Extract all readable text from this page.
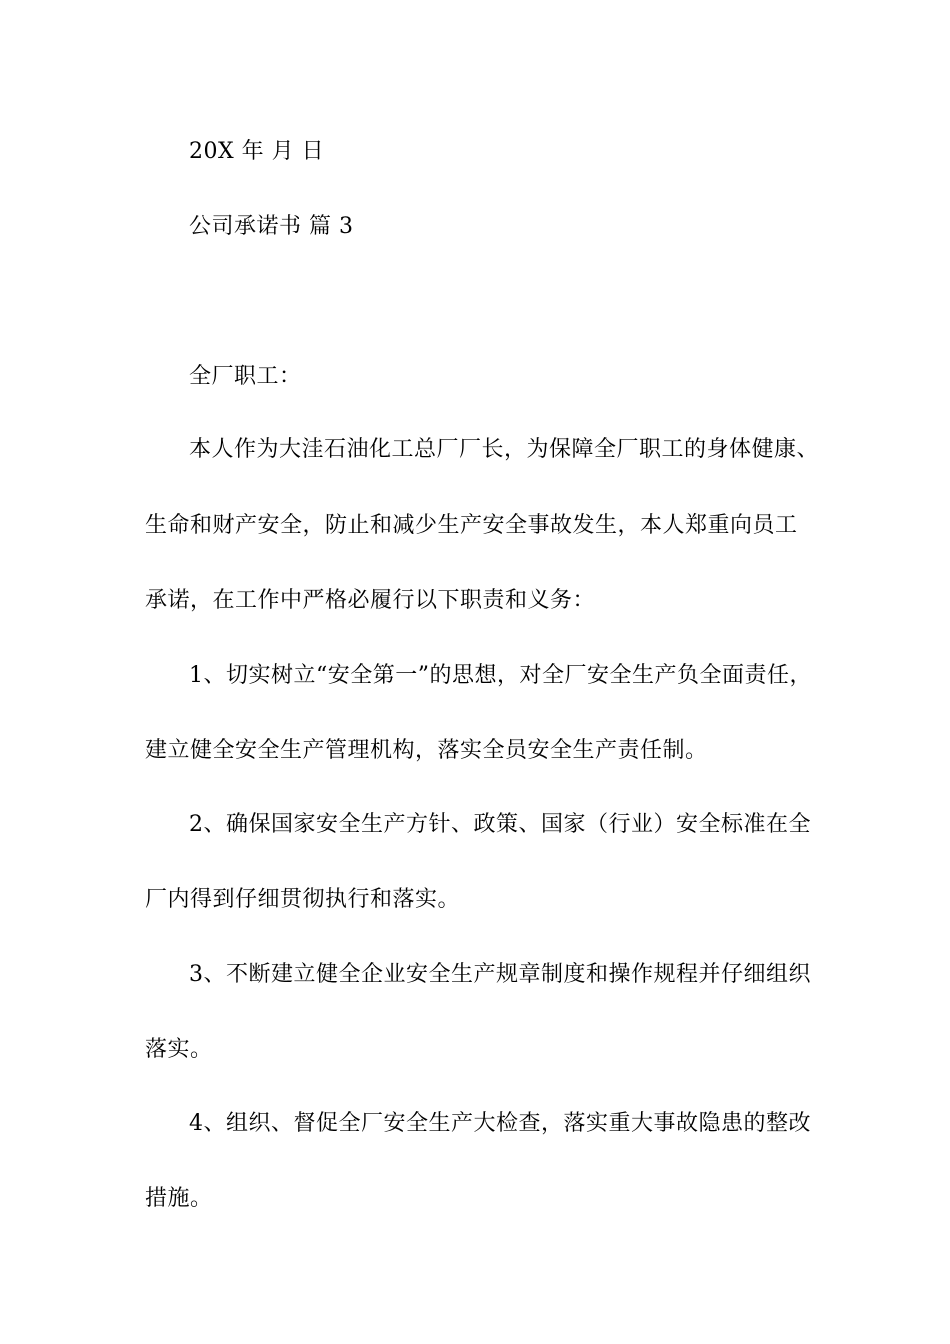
20X 年 月 日
公司承诺书 篇 3
全厂职工：
本人作为大洼石油化工总厂厂长，为保障全厂职工的身体健康、
生命和财产安全，防止和减少生产安全事故发生，本人郑重向员工
承诺，在工作中严格必履行以下职责和义务：
1、切实树立“安全第一”的思想，对全厂安全生产负全面责任，
建立健全安全生产管理机构，落实全员安全生产责任制。
2、确保国家安全生产方针、政策、国家（行业）安全标准在全
厂内得到仔细贯彻执行和落实。
3、不断建立健全企业安全生产规章制度和操作规程并仔细组织
落实。
4、组织、督促全厂安全生产大检查，落实重大事故隐患的整改
措施。
